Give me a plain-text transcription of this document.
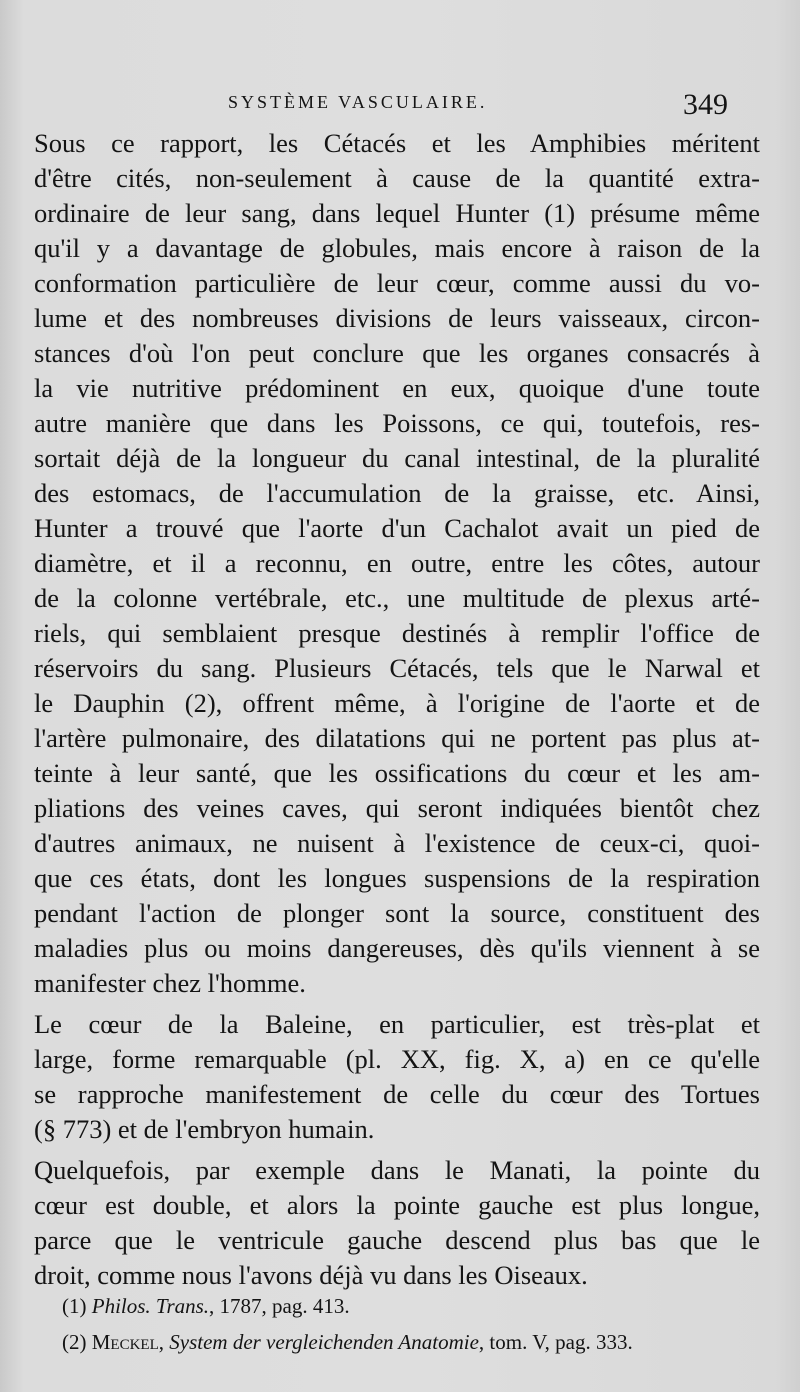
SYSTÈME VASCULAIRE.	349
Sous ce rapport, les Cétacés et les Amphibies méritent
d'être cités, non-seulement à cause de la quantité extra-
ordinaire de leur sang, dans lequel Hunter (1) présume même
qu'il y a davantage de globules, mais encore à raison de la
conformation particulière de leur cœur, comme aussi du vo-
lume et des nombreuses divisions de leurs vaisseaux, circon-
stances d'où l'on peut conclure que les organes consacrés à
la vie nutritive prédominent en eux, quoique d'une toute
autre manière que dans les Poissons, ce qui, toutefois, res-
sortait déjà de la longueur du canal intestinal, de la pluralité
des estomacs, de l'accumulation de la graisse, etc. Ainsi,
Hunter a trouvé que l'aorte d'un Cachalot avait un pied de
diamètre, et il a reconnu, en outre, entre les côtes, autour
de la colonne vertébrale, etc., une multitude de plexus arté-
riels, qui semblaient presque destinés à remplir l'office de
réservoirs du sang. Plusieurs Cétacés, tels que le Narwal et
le Dauphin (2), offrent même, à l'origine de l'aorte et de
l'artère pulmonaire, des dilatations qui ne portent pas plus at-
teinte à leur santé, que les ossifications du cœur et les am-
pliations des veines caves, qui seront indiquées bientôt chez
d'autres animaux, ne nuisent à l'existence de ceux-ci, quoi-
que ces états, dont les longues suspensions de la respiration
pendant l'action de plonger sont la source, constituent des
maladies plus ou moins dangereuses, dès qu'ils viennent à se
manifester chez l'homme.
Le cœur de la Baleine, en particulier, est très-plat et
large, forme remarquable (pl. XX, fig. X, a) en ce qu'elle
se rapproche manifestement de celle du cœur des Tortues
(§ 773) et de l'embryon humain.
Quelquefois, par exemple dans le Manati, la pointe du
cœur est double, et alors la pointe gauche est plus longue,
parce que le ventricule gauche descend plus bas que le
droit, comme nous l'avons déjà vu dans les Oiseaux.
(1) Philos. Trans., 1787, pag. 413.
(2) Meckel, System der vergleichenden Anatomie, tom. V, pag. 333.
